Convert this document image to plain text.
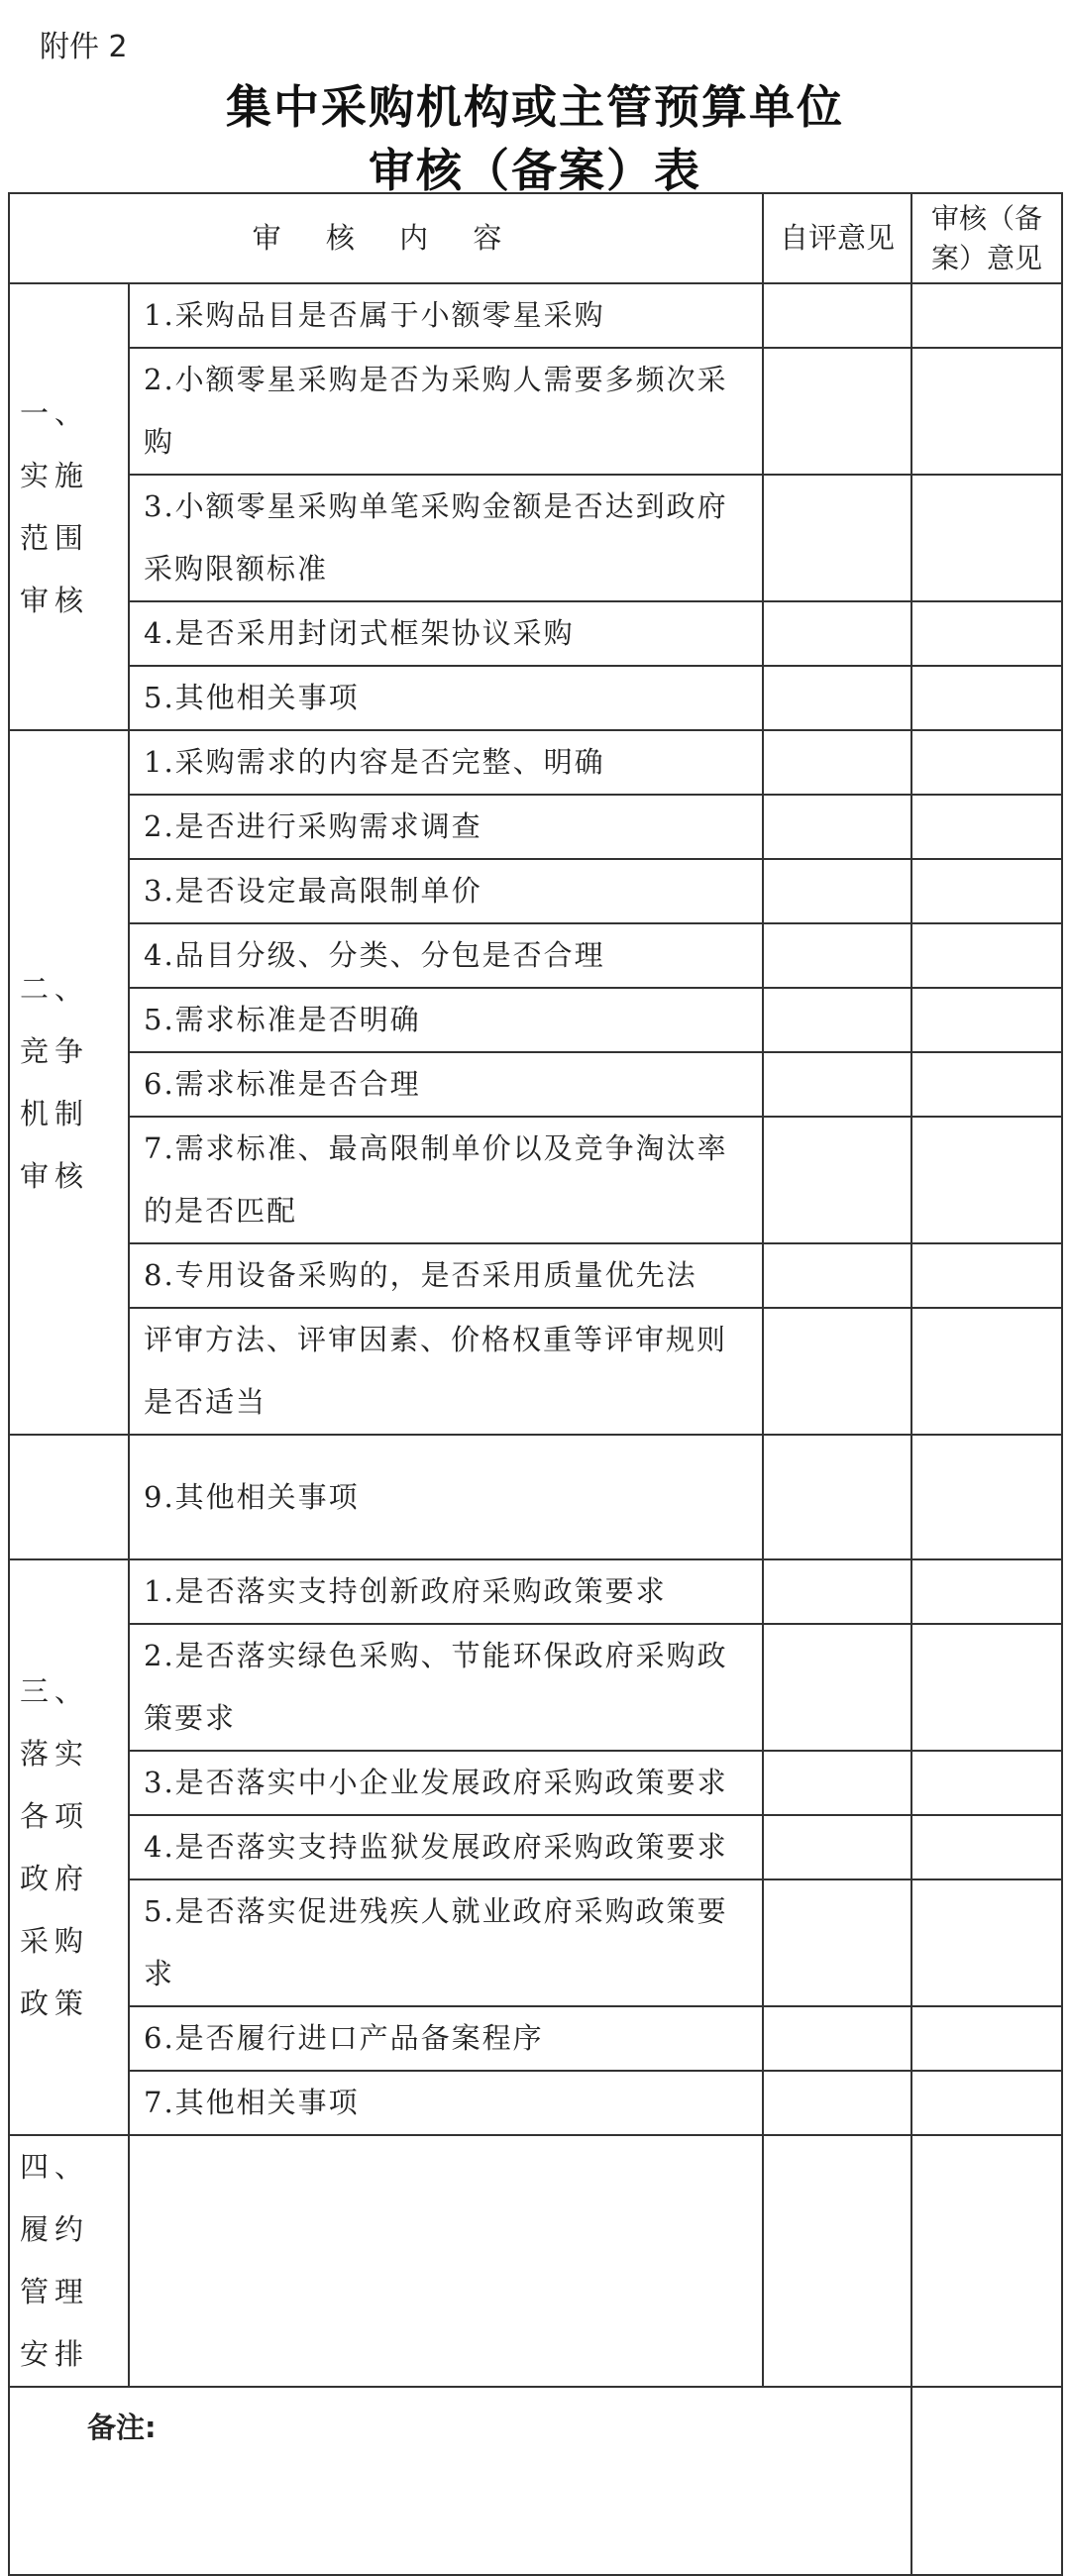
附件 2
集中采购机构或主管预算单位
审核（备案）表
审 核 内 容		自评意见	审核（备
案）意见
一、实施范围审核	1.采购品目是否属于小额零星采购		
	2.小额零星采购是否为采购人需要多频次采购		
	3.小额零星采购单笔采购金额是否达到政府采购限额标准		
	4.是否采用封闭式框架协议采购		
	5.其他相关事项		
二、竞争机制审核	1.采购需求的内容是否完整、明确		
	2.是否进行采购需求调查		
	3.是否设定最高限制单价		
	4.品目分级、分类、分包是否合理		
	5.需求标准是否明确		
	6.需求标准是否合理		
	7.需求标准、最高限制单价以及竞争淘汰率的是否匹配		
	8.专用设备采购的，是否采用质量优先法		
	评审方法、评审因素、价格权重等评审规则是否适当		
	9.其他相关事项		
三、落实各项政府采购政策	1.是否落实支持创新政府采购政策要求		
	2.是否落实绿色采购、节能环保政府采购政策要求		
	3.是否落实中小企业发展政府采购政策要求		
	4.是否落实支持监狱发展政府采购政策要求		
	5.是否落实促进残疾人就业政府采购政策要求		
	6.是否履行进口产品备案程序		
	7.其他相关事项		
四、履约管理安排			
备注:			
